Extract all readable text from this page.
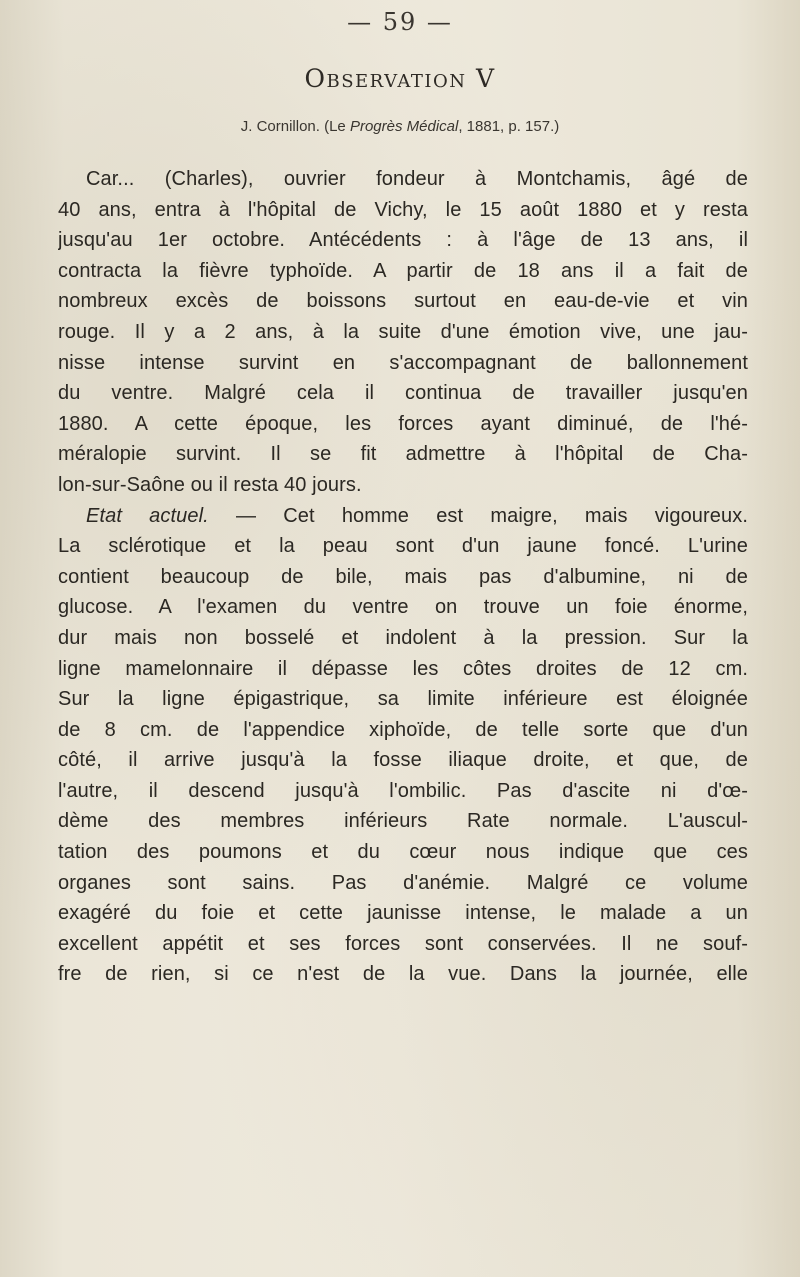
— 59 —
Observation V
J. Cornillon. (Le Progrès Médical, 1881, p. 157.)
Car... (Charles), ouvrier fondeur à Montchamis, âgé de
40 ans, entra à l'hôpital de Vichy, le 15 août 1880 et y resta
jusqu'au 1er octobre. Antécédents : à l'âge de 13 ans, il
contracta la fièvre typhoïde. A partir de 18 ans il a fait de
nombreux excès de boissons surtout en eau-de-vie et vin
rouge. Il y a 2 ans, à la suite d'une émotion vive, une jau-
nisse intense survint en s'accompagnant de ballonnement
du ventre. Malgré cela il continua de travailler jusqu'en
1880. A cette époque, les forces ayant diminué, de l'hé-
méralopie survint. Il se fit admettre à l'hôpital de Cha-
lon-sur-Saône ou il resta 40 jours.
Etat actuel. — Cet homme est maigre, mais vigoureux.
La sclérotique et la peau sont d'un jaune foncé. L'urine
contient beaucoup de bile, mais pas d'albumine, ni de
glucose. A l'examen du ventre on trouve un foie énorme,
dur mais non bosselé et indolent à la pression. Sur la
ligne mamelonnaire il dépasse les côtes droites de 12 cm.
Sur la ligne épigastrique, sa limite inférieure est éloignée
de 8 cm. de l'appendice xiphoïde, de telle sorte que d'un
côté, il arrive jusqu'à la fosse iliaque droite, et que, de
l'autre, il descend jusqu'à l'ombilic. Pas d'ascite ni d'œ-
dème des membres inférieurs Rate normale. L'auscul-
tation des poumons et du cœur nous indique que ces
organes sont sains. Pas d'anémie. Malgré ce volume
exagéré du foie et cette jaunisse intense, le malade a un
excellent appétit et ses forces sont conservées. Il ne souf-
fre de rien, si ce n'est de la vue. Dans la journée, elle
